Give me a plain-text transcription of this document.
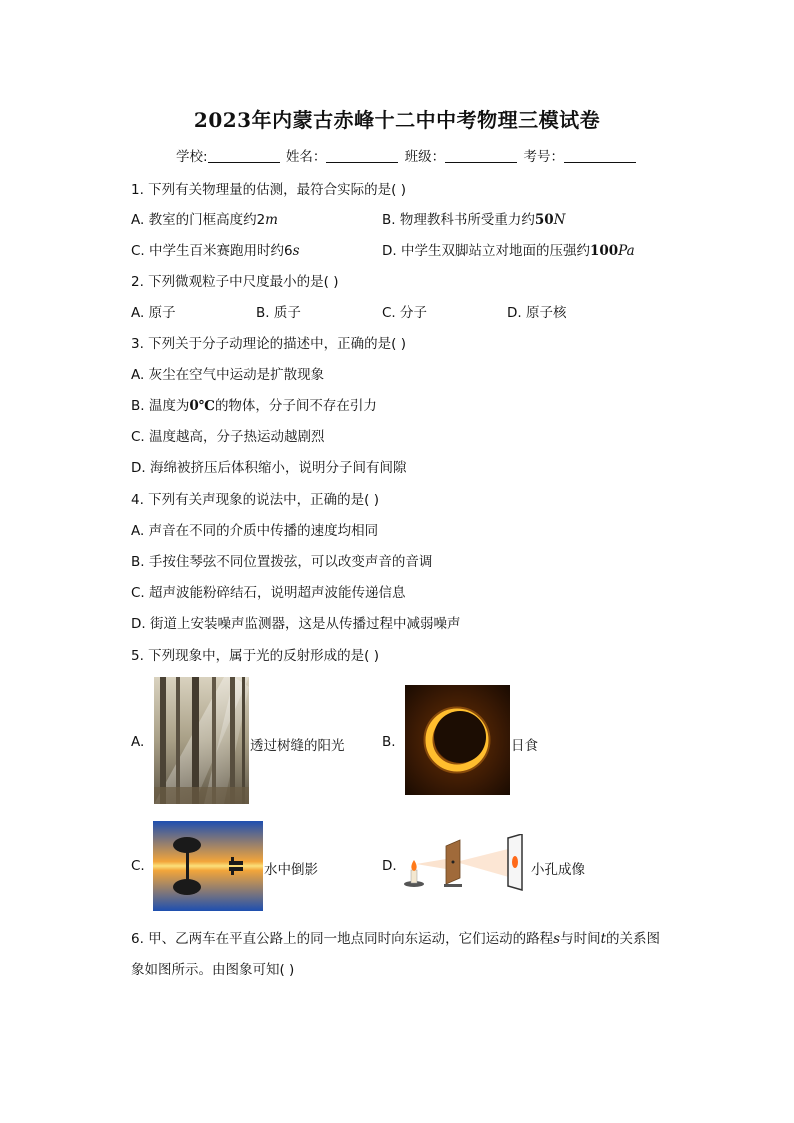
2023年内蒙古赤峰十二中中考物理三模试卷
学校:	姓名：	班级：	考号：
1. 下列有关物理量的估测，最符合实际的是( )
A. 教室的门框高度约2m	B. 物理教科书所受重力约50N
C. 中学生百米赛跑用时约6s	D. 中学生双脚站立对地面的压强约100Pa
2. 下列微观粒子中尺度最小的是( )
A. 原子	B. 质子	C. 分子	D. 原子核
3. 下列关于分子动理论的描述中，正确的是( )
A. 灰尘在空气中运动是扩散现象
B. 温度为0℃的物体，分子间不存在引力
C. 温度越高，分子热运动越剧烈
D. 海绵被挤压后体积缩小，说明分子间有间隙
4. 下列有关声现象的说法中，正确的是( )
A. 声音在不同的介质中传播的速度均相同
B. 手按住琴弦不同位置拨弦，可以改变声音的音调
C. 超声波能粉碎结石，说明超声波能传递信息
D. 街道上安装噪声监测器，这是从传播过程中减弱噪声
5. 下列现象中，属于光的反射形成的是( )
A.	透过树缝的阳光	B.	日食
C.	水中倒影	D.	小孔成像
6. 甲、乙两车在平直公路上的同一地点同时向东运动，它们运动的路程s与时间t的关系图
象如图所示。由图象可知( )
